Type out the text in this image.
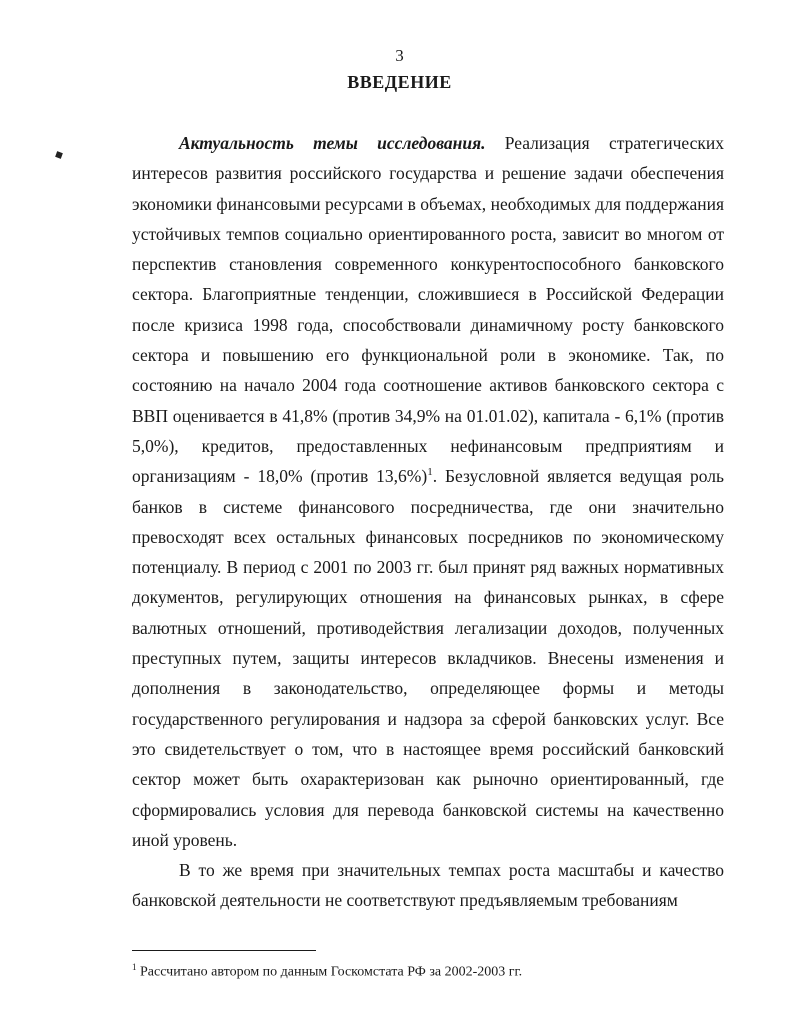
3
ВВЕДЕНИЕ

Актуальность темы исследования. Реализация стратегических интересов развития российского государства и решение задачи обеспечения экономики финансовыми ресурсами в объемах, необходимых для поддержания устойчивых темпов социально ориентированного роста, зависит во многом от перспектив становления современного конкурентоспособного банковского сектора. Благоприятные тенденции, сложившиеся в Российской Федерации после кризиса 1998 года, способствовали динамичному росту банковского сектора и повышению его функциональной роли в экономике. Так, по состоянию на начало 2004 года соотношение активов банковского сектора с ВВП оценивается в 41,8% (против 34,9% на 01.01.02), капитала - 6,1% (против 5,0%), кредитов, предоставленных нефинансовым предприятиям и организациям - 18,0% (против 13,6%)$^1$. Безусловной является ведущая роль банков в системе финансового посредничества, где они значительно превосходят всех остальных финансовых посредников по экономическому потенциалу. В период с 2001 по 2003 гг. был принят ряд важных нормативных документов, регулирующих отношения на финансовых рынках, в сфере валютных отношений, противодействия легализации доходов, полученных преступных путем, защиты интересов вкладчиков. Внесены изменения и дополнения в законодательство, определяющее формы и методы государственного регулирования и надзора за сферой банковских услуг. Все это свидетельствует о том, что в настоящее время российский банковский сектор может быть охарактеризован как рыночно ориентированный, где сформировались условия для перевода банковской системы на качественно иной уровень.

В то же время при значительных темпах роста масштабы и качество банковской деятельности не соответствуют предъявляемым требованиям

$^1$ Рассчитано автором по данным Госкомстата РФ за 2002-2003 гг.
